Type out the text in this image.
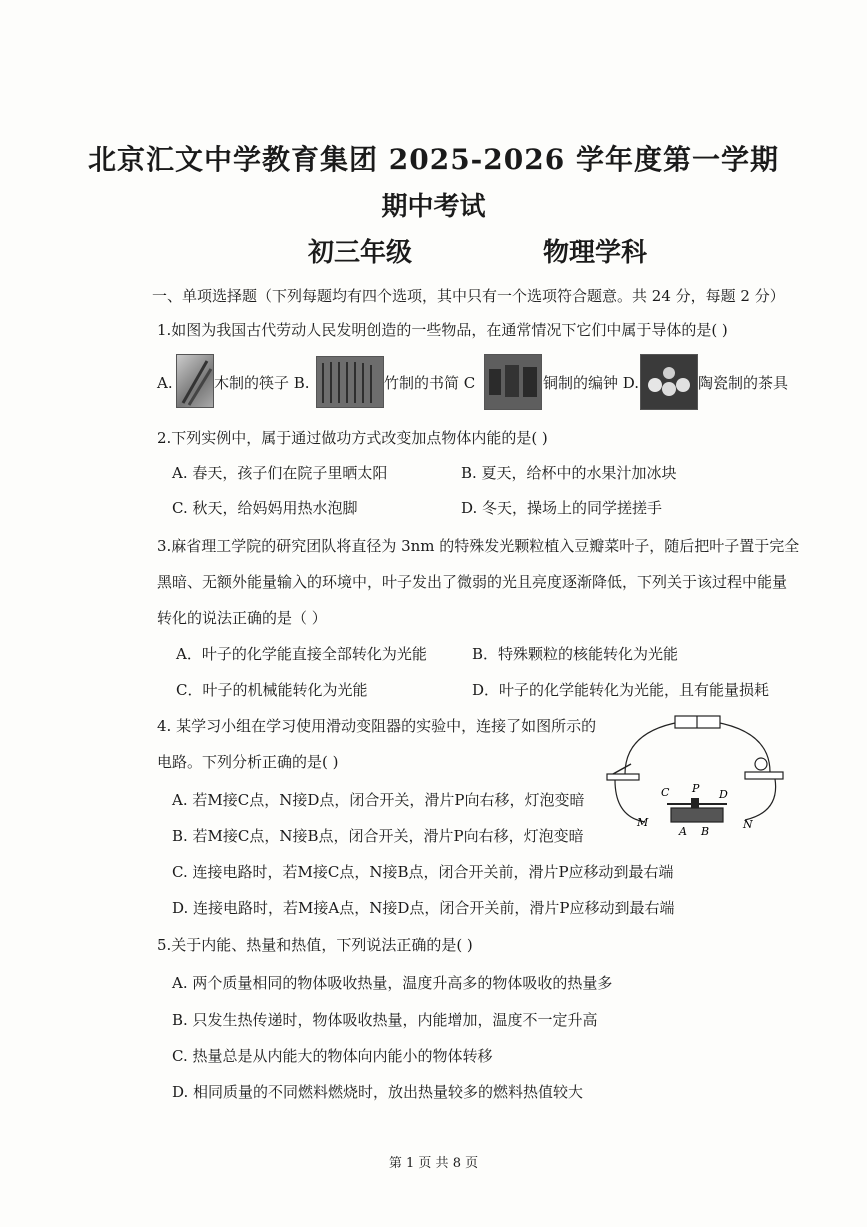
北京汇文中学教育集团 2025-2026 学年度第一学期
期中考试
初三年级	物理学科
一、单项选择题（下列每题均有四个选项，其中只有一个选项符合题意。共 24 分，每题 2 分）
1.如图为我国古代劳动人民发明创造的一些物品，在通常情况下它们中属于导体的是( )
A.	木制的筷子 B.	竹制的书简 C	铜制的编钟 D.	陶瓷制的茶具
2.下列实例中，属于通过做功方式改变加点物体内能的是( )
A. 春天，孩子们在院子里晒太阳	B. 夏天，给杯中的水果汁加冰块
C. 秋天，给妈妈用热水泡脚	D. 冬天，操场上的同学搓搓手
3.麻省理工学院的研究团队将直径为 3nm 的特殊发光颗粒植入豆瓣菜叶子，随后把叶子置于完全
黑暗、无额外能量输入的环境中，叶子发出了微弱的光且亮度逐渐降低，下列关于该过程中能量
转化的说法正确的是（ ）
A．叶子的化学能直接全部转化为光能	B．特殊颗粒的核能转化为光能
C．叶子的机械能转化为光能	D．叶子的化学能转化为光能，且有能量损耗
4. 某学习小组在学习使用滑动变阻器的实验中，连接了如图所示的
电路。下列分析正确的是( )
C P D
M	N
A B
A. 若M接C点，N接D点，闭合开关，滑片P向右移，灯泡变暗
B. 若M接C点，N接B点，闭合开关，滑片P向右移，灯泡变暗
C. 连接电路时，若M接C点，N接B点，闭合开关前，滑片P应移动到最右端
D. 连接电路时，若M接A点，N接D点，闭合开关前，滑片P应移动到最右端
5.关于内能、热量和热值，下列说法正确的是( )
A. 两个质量相同的物体吸收热量，温度升高多的物体吸收的热量多
B. 只发生热传递时，物体吸收热量，内能增加，温度不一定升高
C. 热量总是从内能大的物体向内能小的物体转移
D. 相同质量的不同燃料燃烧时，放出热量较多的燃料热值较大
第 1 页 共 8 页
